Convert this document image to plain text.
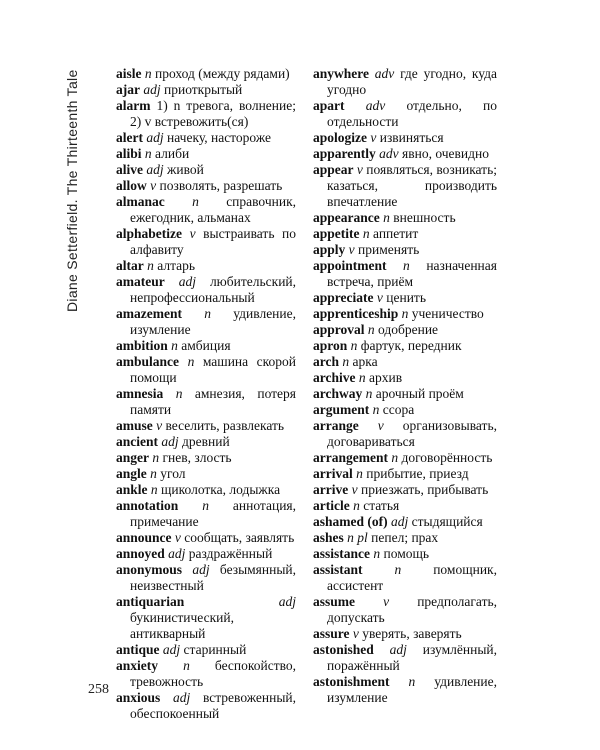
Diane Setterfield. The Thirteenth Tale	aisle n проход (между рядами)

ajar adj приоткрытый

alarm 1) n тревога, волнение; 2) v встревожить(ся)

alert adj начеку, настороже

alibi n алиби

alive adj живой

allow v позволять, разрешать

almanac n справочник, ежегодник, альманах

alphabetize v выстраивать по алфавиту

altar n алтарь

amateur adj любительский, непрофессиональный

amazement n удивление, изумление

ambition n амбиция

ambulance n машина скорой помощи

amnesia n амнезия, потеря памяти

amuse v веселить, развлекать

ancient adj древний

anger n гнев, злость

angle n угол

ankle n щиколотка, лодыжка

annotation n аннотация, примечание

announce v сообщать, заявлять

annoyed adj раздражённый

anonymous adj безымянный, неизвестный

antiquarian	adj букинистический, антикварный

antique adj старинный

anxiety n беспокойство, тревожность

anxious adj встревоженный, обеспокоенный

anywhere adv где угодно, куда угодно

apart adv отдельно, по отдельности

apologize v извиняться

apparently adv явно, очевидно

appear v появляться, возникать; казаться, производить впечатление

appearance n внешность

appetite n аппетит

apply v применять

appointment n назначенная встреча, приём

appreciate v ценить

apprenticeship n ученичество

approval n одобрение

apron n фартук, передник

arch n арка

archive n архив

archway n арочный проём

argument n ссора

arrange v организовывать, договариваться

arrangement n договорённость

arrival n прибытие, приезд

arrive v приезжать, прибывать

article n статья

ashamed (of) adj стыдящийся

ashes n pl пепел; прах

assistance n помощь

assistant n помощник, ассистент

assume v предполагать, допускать

assure v уверять, заверять

astonished adj изумлённый, поражённый

astonishment n удивление, изумление

258
